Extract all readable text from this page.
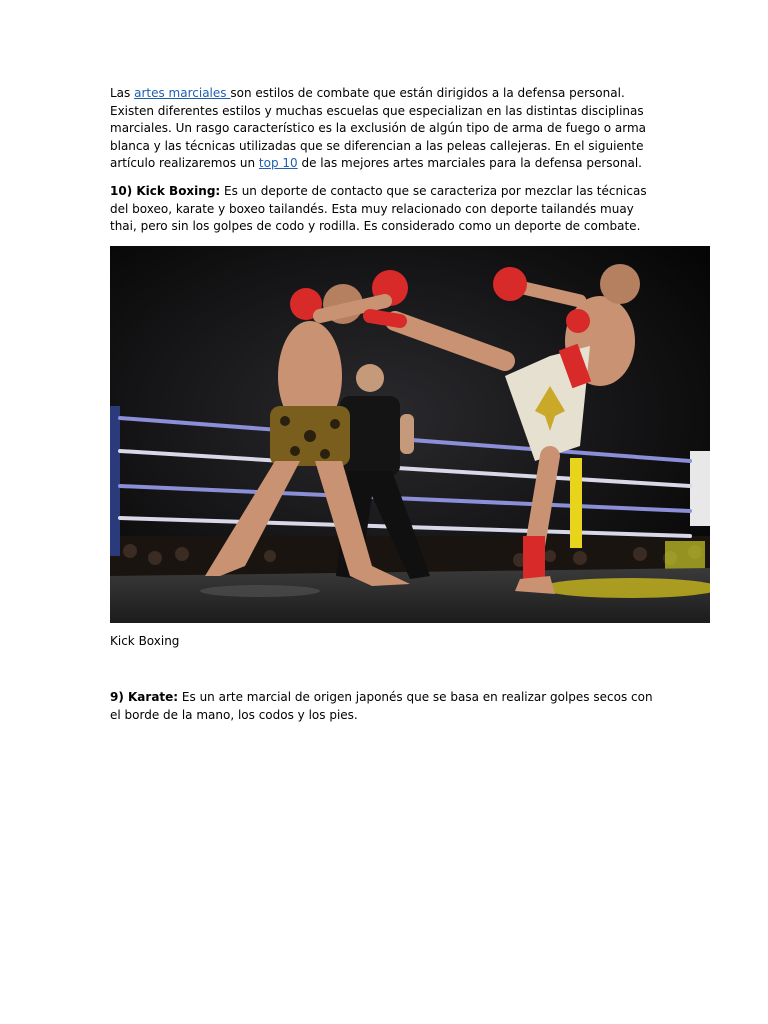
Las artes marciales son estilos de combate que están dirigidos a la defensa personal. Existen diferentes estilos y muchas escuelas que especializan en las distintas disciplinas marciales. Un rasgo característico es la exclusión de algún tipo de arma de fuego o arma blanca y las técnicas utilizadas que se diferencian a las peleas callejeras. En el siguiente artículo realizaremos un top 10 de las mejores artes marciales para la defensa personal.

10) Kick Boxing: Es un deporte de contacto que se caracteriza por mezclar las técnicas del boxeo, karate y boxeo tailandés. Esta muy relacionado con deporte tailandés muay thai, pero sin los golpes de codo y rodilla. Es considerado como un deporte de combate.

Kick Boxing

9) Karate: Es un arte marcial de origen japonés que se basa en realizar golpes secos con el borde de la mano, los codos y los pies.
